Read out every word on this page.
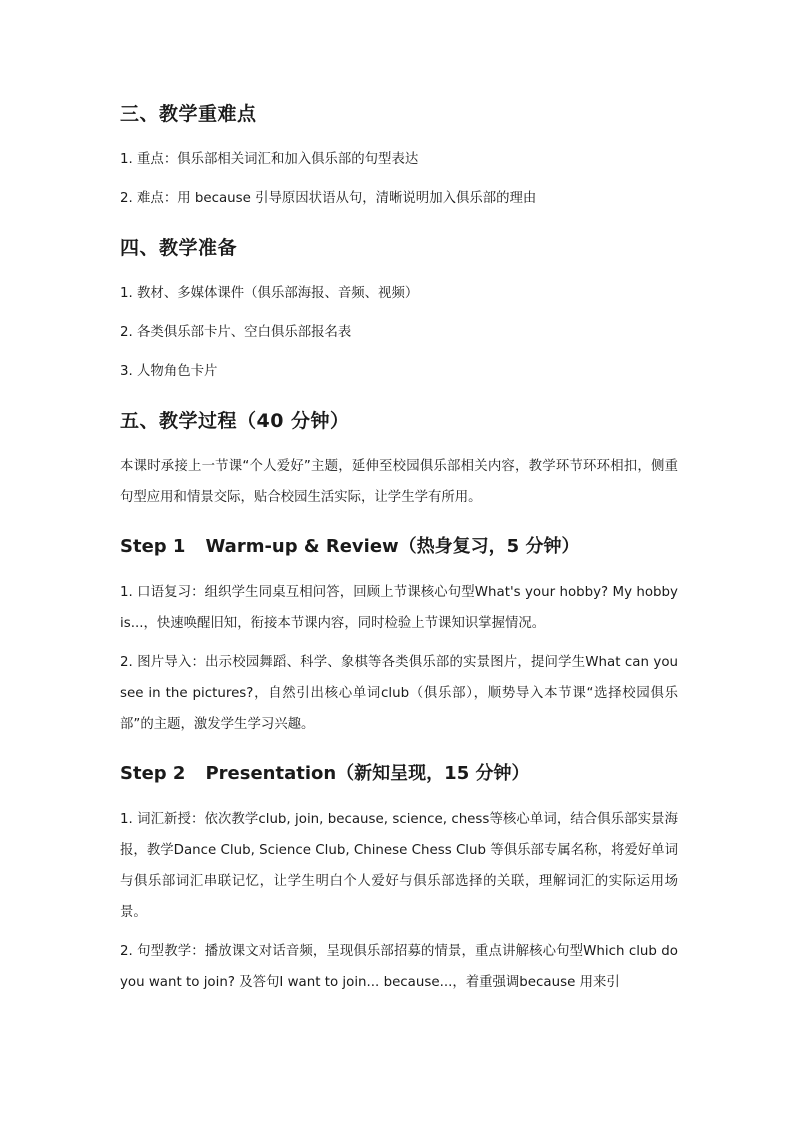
三、教学重难点

1. 重点：俱乐部相关词汇和加入俱乐部的句型表达

2. 难点：用 because 引导原因状语从句，清晰说明加入俱乐部的理由

四、教学准备

1. 教材、多媒体课件（俱乐部海报、音频、视频）

2. 各类俱乐部卡片、空白俱乐部报名表

3. 人物角色卡片

五、教学过程（40 分钟）

本课时承接上一节课“个人爱好”主题，延伸至校园俱乐部相关内容，教学环节环环相扣，侧重句型应用和情景交际，贴合校园生活实际，让学生学有所用。

Step 1 Warm-up & Review（热身复习，5 分钟）

1. 口语复习：组织学生同桌互相问答，回顾上节课核心句型What's your hobby? My hobby is...，快速唤醒旧知，衔接本节课内容，同时检验上节课知识掌握情况。

2. 图片导入：出示校园舞蹈、科学、象棋等各类俱乐部的实景图片，提问学生What can you see in the pictures?，自然引出核心单词club（俱乐部），顺势导入本节课“选择校园俱乐部”的主题，激发学生学习兴趣。

Step 2 Presentation（新知呈现，15 分钟）

1. 词汇新授：依次教学club, join, because, science, chess等核心单词，结合俱乐部实景海报，教学Dance Club, Science Club, Chinese Chess Club 等俱乐部专属名称，将爱好单词与俱乐部词汇串联记忆，让学生明白个人爱好与俱乐部选择的关联，理解词汇的实际运用场景。

2. 句型教学：播放课文对话音频，呈现俱乐部招募的情景，重点讲解核心句型Which club do you want to join? 及答句I want to join... because...，着重强调because 用来引
